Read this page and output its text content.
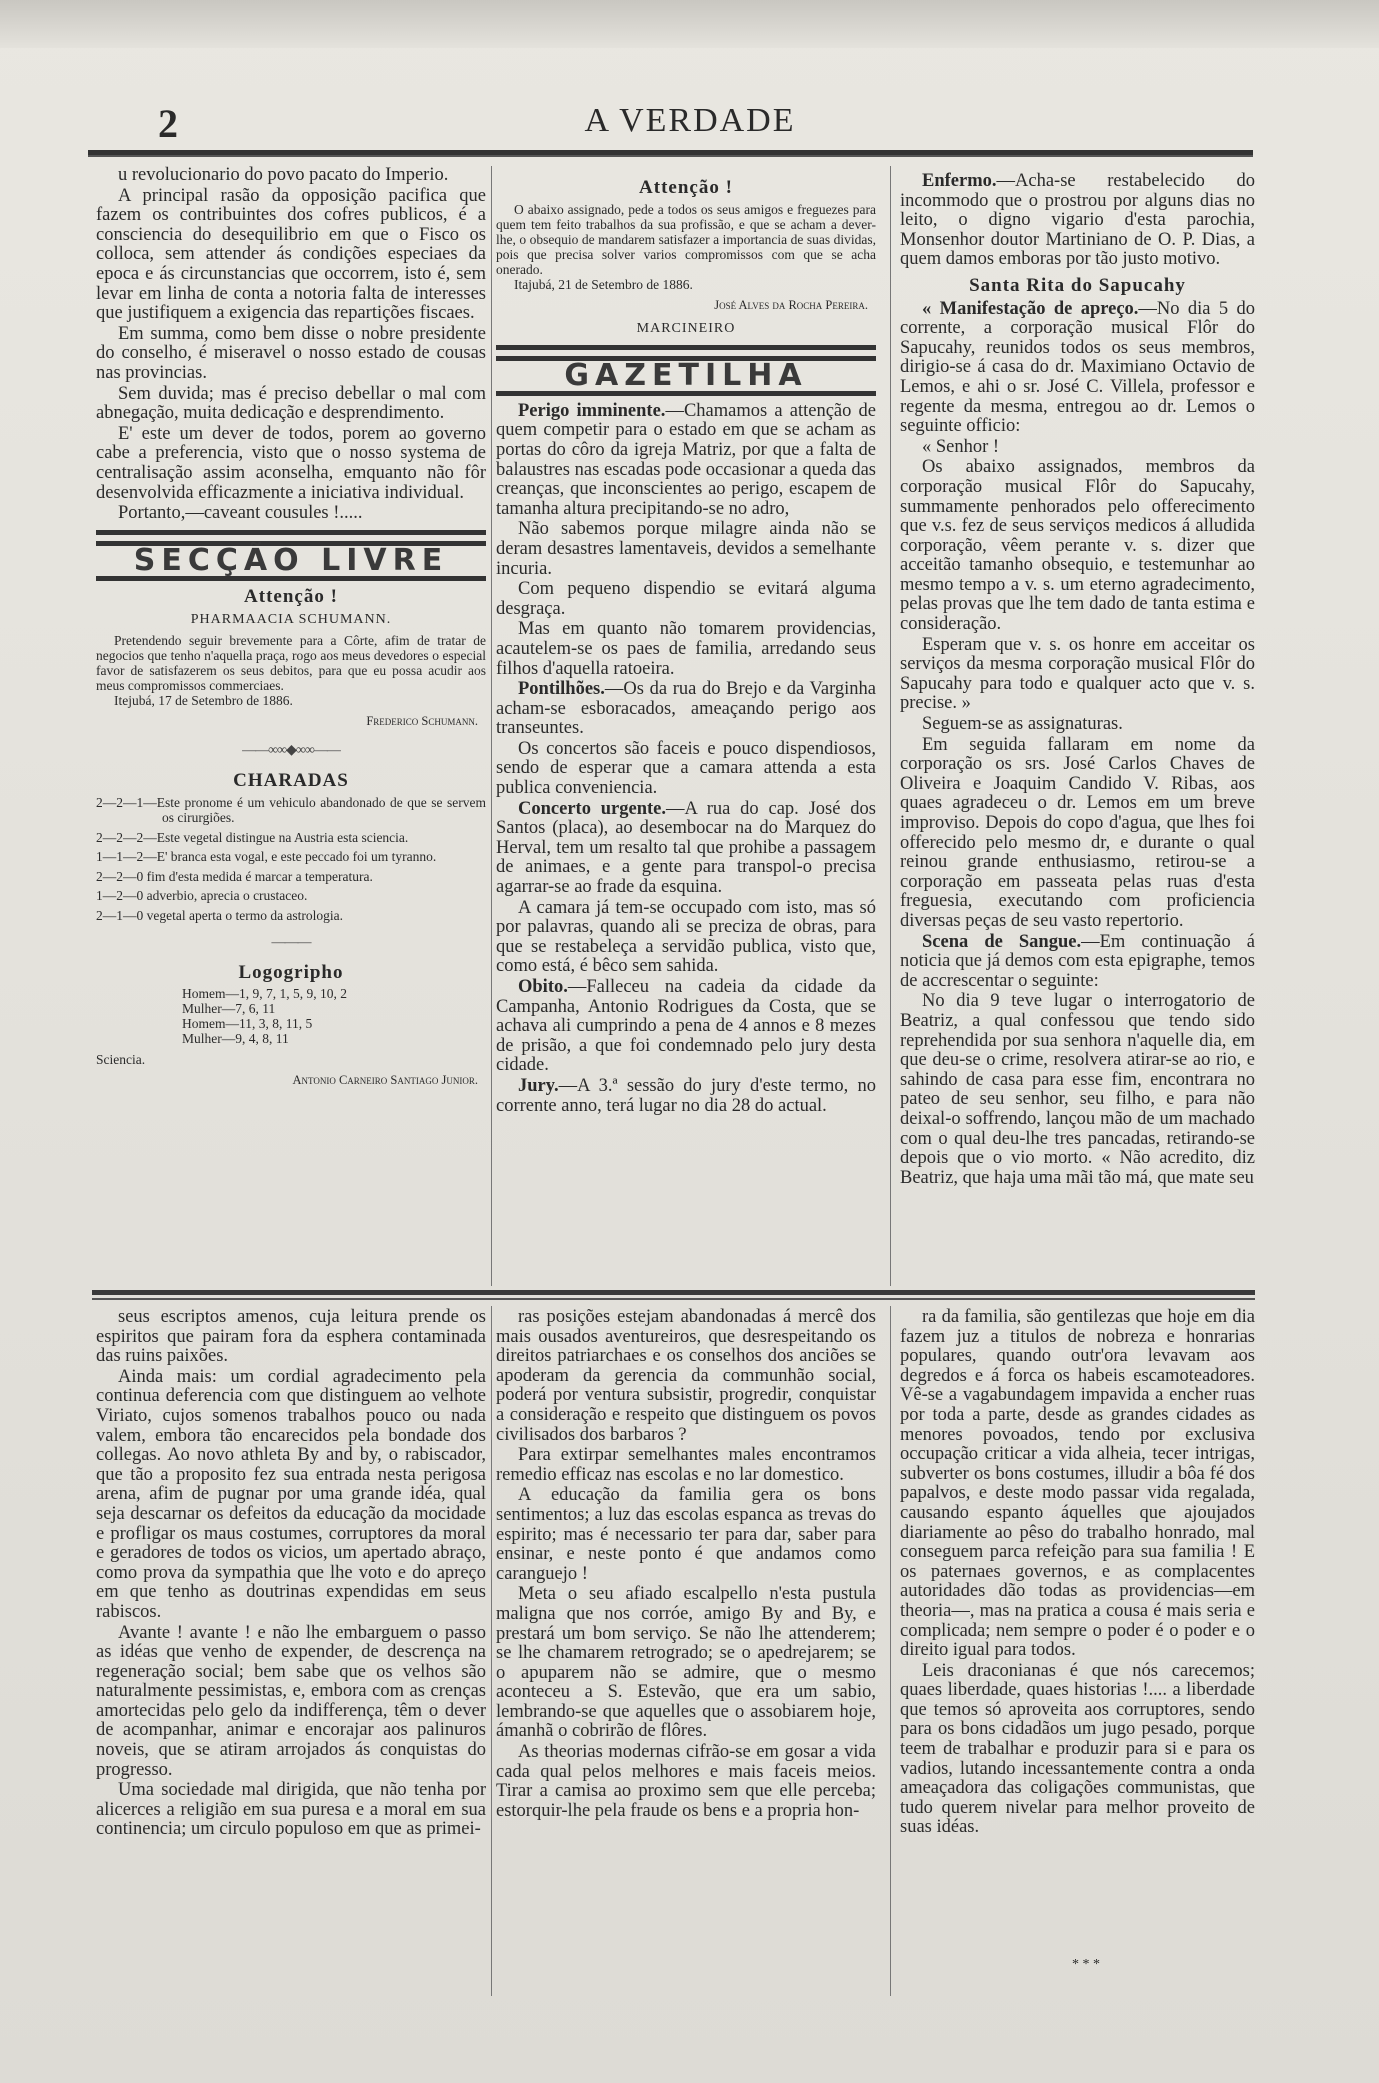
2	A VERDADE

u revolucionario do povo pacato do Imperio.

A principal rasão da opposição pacifica que fazem os contribuintes dos cofres publicos, é a consciencia do desequilibrio em que o Fisco os colloca, sem attender ás condições especiaes da epoca e ás circunstancias que occorrem, isto é, sem levar em linha de conta a notoria falta de interesses que justifiquem a exigencia das repartições fiscaes.

Em summa, como bem disse o nobre presidente do conselho, é miseravel o nosso estado de cousas nas provincias.

Sem duvida; mas é preciso debellar o mal com abnegação, muita dedicação e desprendimento.

E' este um dever de todos, porem ao governo cabe a preferencia, visto que o nosso systema de centralisação assim aconselha, emquanto não fôr desenvolvida efficazmente a iniciativa individual.

Portanto,—caveant cousules !.....

SECÇÃO LIVRE
Attenção !
PHARMAACIA SCHUMANN.
Pretendendo seguir brevemente para a Côrte, afim de tratar de negocios que tenho n'aquella praça, rogo aos meus devedores o especial favor de satisfazerem os seus debitos, para que eu possa acudir aos meus compromissos commerciaes.
Itejubá, 17 de Setembro de 1886.
Frederico Schumann.
——∞∞◆∞∞——
CHARADAS
2—2—1—Este pronome é um vehiculo abandonado de que se servem os cirurgiões.
2—2—2—Este vegetal distingue na Austria esta sciencia.
1—1—2—E' branca esta vogal, e este peccado foi um tyranno.
2—2—0 fim d'esta medida é marcar a temperatura.
1—2—0 adverbio, aprecia o crustaceo.
2—1—0 vegetal aperta o termo da astrologia.
———
Logogripho
Homem—1, 9, 7, 1, 5, 9, 10, 2
Mulher—7, 6, 11
Homem—11, 3, 8, 11, 5
Mulher—9, 4, 8, 11
Sciencia.
Antonio Carneiro Santiago Junior.
Attenção !
O abaixo assignado, pede a todos os seus amigos e freguezes para quem tem feito trabalhos da sua profissão, e que se acham a dever-lhe, o obsequio de mandarem satisfazer a importancia de suas dividas, pois que precisa solver varios compromissos com que se acha onerado.
Itajubá, 21 de Setembro de 1886.
José Alves da Rocha Pereira.
MARCINEIRO
GAZETILHA

Perigo imminente.—Chamamos a attenção de quem competir para o estado em que se acham as portas do côro da igreja Matriz, por que a falta de balaustres nas escadas pode occasionar a queda das creanças, que inconscientes ao perigo, escapem de tamanha altura precipitando-se no adro,

Não sabemos porque milagre ainda não se deram desastres lamentaveis, devidos a semelhante incuria.

Com pequeno dispendio se evitará alguma desgraça.

Mas em quanto não tomarem providencias, acautelem-se os paes de familia, arredando seus filhos d'aquella ratoeira.

Pontilhões.—Os da rua do Brejo e da Varginha acham-se esboracados, ameaçando perigo aos transeuntes.

Os concertos são faceis e pouco dispendiosos, sendo de esperar que a camara attenda a esta publica conveniencia.

Concerto urgente.—A rua do cap. José dos Santos (placa), ao desembocar na do Marquez do Herval, tem um resalto tal que prohibe a passagem de animaes, e a gente para transpol-o precisa agarrar-se ao frade da esquina.

A camara já tem-se occupado com isto, mas só por palavras, quando ali se preciza de obras, para que se restabeleça a servidão publica, visto que, como está, é bêco sem sahida.

Obito.—Falleceu na cadeia da cidade da Campanha, Antonio Rodrigues da Costa, que se achava ali cumprindo a pena de 4 annos e 8 mezes de prisão, a que foi condemnado pelo jury desta cidade.

Jury.—A 3.ª sessão do jury d'este termo, no corrente anno, terá lugar no dia 28 do actual.

Enfermo.—Acha-se restabelecido do incommodo que o prostrou por alguns dias no leito, o digno vigario d'esta parochia, Monsenhor doutor Martiniano de O. P. Dias, a quem damos emboras por tão justo motivo.

Santa Rita do Sapucahy

« Manifestação de apreço.—No dia 5 do corrente, a corporação musical Flôr do Sapucahy, reunidos todos os seus membros, dirigio-se á casa do dr. Maximiano Octavio de Lemos, e ahi o sr. José C. Villela, professor e regente da mesma, entregou ao dr. Lemos o seguinte officio:

« Senhor !

Os abaixo assignados, membros da corporação musical Flôr do Sapucahy, summamente penhorados pelo offerecimento que v.s. fez de seus serviços medicos á alludida corporação, vêem perante v. s. dizer que acceitão tamanho obsequio, e testemunhar ao mesmo tempo a v. s. um eterno agradecimento, pelas provas que lhe tem dado de tanta estima e consideração.

Esperam que v. s. os honre em acceitar os serviços da mesma corporação musical Flôr do Sapucahy para todo e qualquer acto que v. s. precise. »

Seguem-se as assignaturas.

Em seguida fallaram em nome da corporação os srs. José Carlos Chaves de Oliveira e Joaquim Candido V. Ribas, aos quaes agradeceu o dr. Lemos em um breve improviso. Depois do copo d'agua, que lhes foi offerecido pelo mesmo dr, e durante o qual reinou grande enthusiasmo, retirou-se a corporação em passeata pelas ruas d'esta freguesia, executando com proficiencia diversas peças de seu vasto repertorio.

Scena de Sangue.—Em continuação á noticia que já demos com esta epigraphe, temos de accrescentar o seguinte:

No dia 9 teve lugar o interrogatorio de Beatriz, a qual confessou que tendo sido reprehendida por sua senhora n'aquelle dia, em que deu-se o crime, resolvera atirar-se ao rio, e sahindo de casa para esse fim, encontrara no pateo de seu senhor, seu filho, e para não deixal-o soffrendo, lançou mão de um machado com o qual deu-lhe tres pancadas, retirando-se depois que o vio morto. « Não acredito, diz Beatriz, que haja uma mãi tão má, que mate seu

seus escriptos amenos, cuja leitura prende os espiritos que pairam fora da esphera contaminada das ruins paixões.

Ainda mais: um cordial agradecimento pela continua deferencia com que distinguem ao velhote Viriato, cujos somenos trabalhos pouco ou nada valem, embora tão encarecidos pela bondade dos collegas. Ao novo athleta By and by, o rabiscador, que tão a proposito fez sua entrada nesta perigosa arena, afim de pugnar por uma grande idéa, qual seja descarnar os defeitos da educação da mocidade e profligar os maus costumes, corruptores da moral e geradores de todos os vicios, um apertado abraço, como prova da sympathia que lhe voto e do apreço em que tenho as doutrinas expendidas em seus rabiscos.

Avante ! avante ! e não lhe embarguem o passo as idéas que venho de expender, de descrença na regeneração social; bem sabe que os velhos são naturalmente pessimistas, e, embora com as crenças amortecidas pelo gelo da indifferença, têm o dever de acompanhar, animar e encorajar aos palinuros noveis, que se atiram arrojados ás conquistas do progresso.

Uma sociedade mal dirigida, que não tenha por alicerces a religião em sua puresa e a moral em sua continencia; um circulo populoso em que as primei-

ras posições estejam abandonadas á mercê dos mais ousados aventureiros, que desrespeitando os direitos patriarchaes e os conselhos dos anciões se apoderam da gerencia da communhão social, poderá por ventura subsistir, progredir, conquistar a consideração e respeito que distinguem os povos civilisados dos barbaros ?

Para extirpar semelhantes males encontramos remedio efficaz nas escolas e no lar domestico.

A educação da familia gera os bons sentimentos; a luz das escolas espanca as trevas do espirito; mas é necessario ter para dar, saber para ensinar, e neste ponto é que andamos como caranguejo !

Meta o seu afiado escalpello n'esta pustula maligna que nos corróe, amigo By and By, e prestará um bom serviço. Se não lhe attenderem; se lhe chamarem retrogrado; se o apedrejarem; se o apuparem não se admire, que o mesmo aconteceu a S. Estevão, que era um sabio, lembrando-se que aquelles que o assobiarem hoje, ámanhã o cobrirão de flôres.

As theorias modernas cifrão-se em gosar a vida cada qual pelos melhores e mais faceis meios. Tirar a camisa ao proximo sem que elle perceba; estorquir-lhe pela fraude os bens e a propria hon-

ra da familia, são gentilezas que hoje em dia fazem juz a titulos de nobreza e honrarias populares, quando outr'ora levavam aos degredos e á forca os habeis escamoteadores. Vê-se a vagabundagem impavida a encher ruas por toda a parte, desde as grandes cidades as menores povoados, tendo por exclusiva occupação criticar a vida alheia, tecer intrigas, subverter os bons costumes, illudir a bôa fé dos papalvos, e deste modo passar vida regalada, causando espanto áquelles que ajoujados diariamente ao pêso do trabalho honrado, mal conseguem parca refeição para sua familia ! E os paternaes governos, e as complacentes autoridades dão todas as providencias—em theoria—, mas na pratica a cousa é mais seria e complicada; nem sempre o poder é o poder e o direito igual para todos.

Leis draconianas é que nós carecemos; quaes liberdade, quaes historias !.... a liberdade que temos só aproveita aos corruptores, sendo para os bons cidadãos um jugo pesado, porque teem de trabalhar e produzir para si e para os vadios, lutando incessantemente contra a onda ameaçadora das coligações communistas, que tudo querem nivelar para melhor proveito de suas idéas.

* * *
